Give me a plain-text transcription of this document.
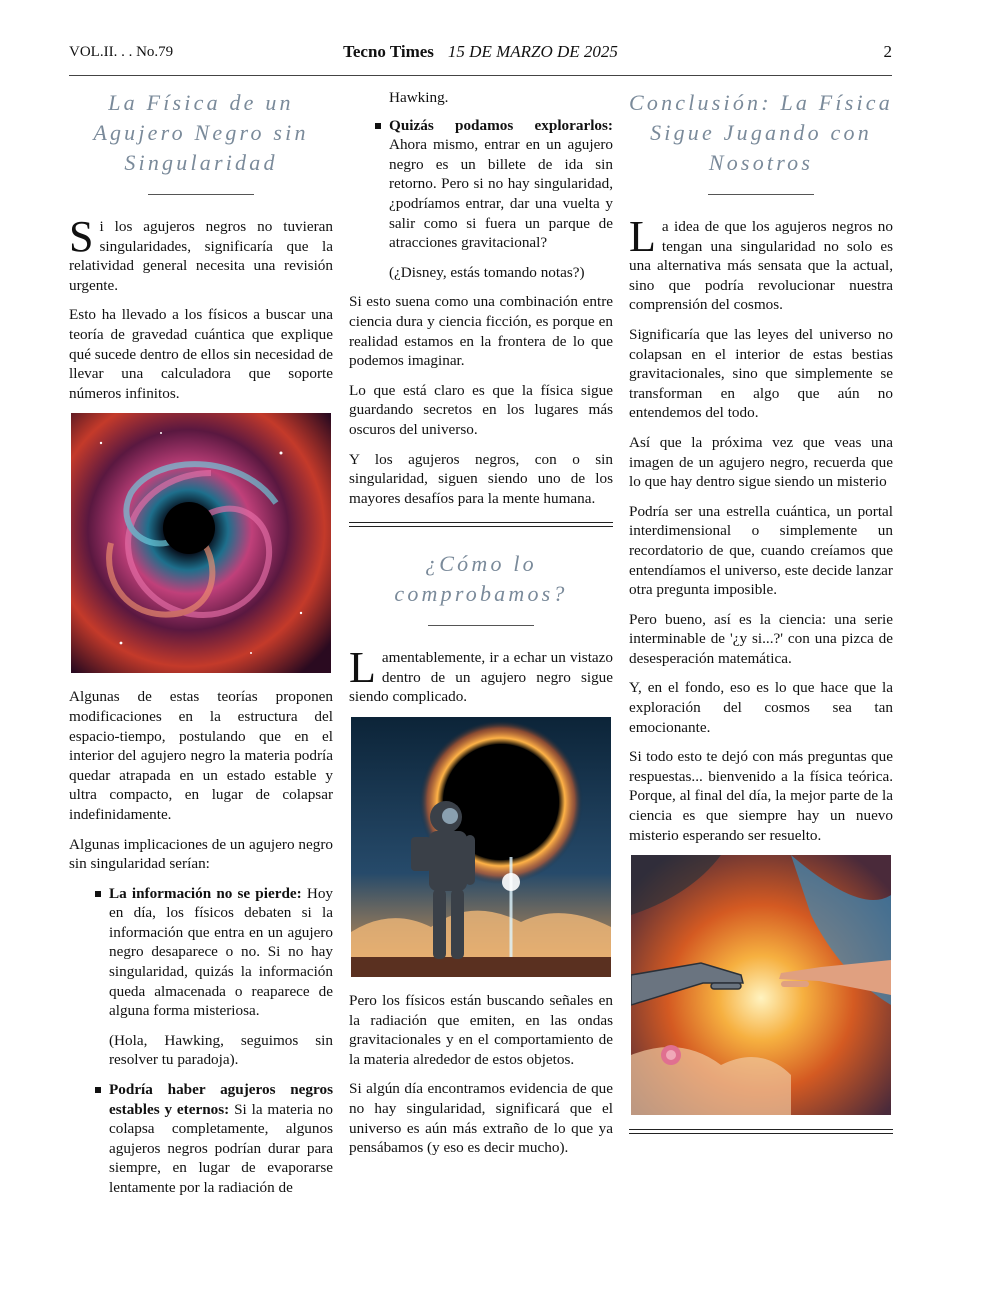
VOL.II. . . No.79	Tecno Times 15 DE MARZO DE 2025	2
La Física de un Agujero Negro sin Singularidad

Si los agujeros negros no tuvieran singularidades, significaría que la relatividad general necesita una revisión urgente.

Esto ha llevado a los físicos a buscar una teoría de gravedad cuántica que explique qué sucede dentro de ellos sin necesidad de llevar una calculadora que soporte números infinitos.

Algunas de estas teorías proponen modificaciones en la estructura del espacio-tiempo, postulando que en el interior del agujero negro la materia podría quedar atrapada en un estado estable y ultra compacto, en lugar de colapsar indefinidamente.

Algunas implicaciones de un agujero negro sin singularidad serían:

La información no se pierde: Hoy en día, los físicos debaten si la información que entra en un agujero negro desaparece o no. Si no hay singularidad, quizás la información queda almacenada o reaparece de alguna forma misteriosa.

(Hola, Hawking, seguimos sin resolver tu paradoja).

Podría haber agujeros negros estables y eternos: Si la materia no colapsa completamente, algunos agujeros negros podrían durar para siempre, en lugar de evaporarse lentamente por la radiación de

Hawking.

Quizás podamos explorarlos: Ahora mismo, entrar en un agujero negro es un billete de ida sin retorno. Pero si no hay singularidad, ¿podríamos entrar, dar una vuelta y salir como si fuera un parque de atracciones gravitacional?

(¿Disney, estás tomando notas?)

Si esto suena como una combinación entre ciencia dura y ciencia ficción, es porque en realidad estamos en la frontera de lo que podemos imaginar.

Lo que está claro es que la física sigue guardando secretos en los lugares más oscuros del universo.

Y los agujeros negros, con o sin singularidad, siguen siendo uno de los mayores desafíos para la mente humana.

¿Cómo lo comprobamos?

Lamentablemente, ir a echar un vistazo dentro de un agujero negro sigue siendo complicado.

Pero los físicos están buscando señales en la radiación que emiten, en las ondas gravitacionales y en el comportamiento de la materia alrededor de estos objetos.

Si algún día encontramos evidencia de que no hay singularidad, significará que el universo es aún más extraño de lo que ya pensábamos (y eso es decir mucho).

Conclusión: La Física Sigue Jugando con Nosotros

La idea de que los agujeros negros no tengan una singularidad no solo es una alternativa más sensata que la actual, sino que podría revolucionar nuestra comprensión del cosmos.

Significaría que las leyes del universo no colapsan en el interior de estas bestias gravitacionales, sino que simplemente se transforman en algo que aún no entendemos del todo.

Así que la próxima vez que veas una imagen de un agujero negro, recuerda que lo que hay dentro sigue siendo un misterio

Podría ser una estrella cuántica, un portal interdimensional o simplemente un recordatorio de que, cuando creíamos que entendíamos el universo, este decide lanzar otra pregunta imposible.

Pero bueno, así es la ciencia: una serie interminable de '¿y si...?' con una pizca de desesperación matemática.

Y, en el fondo, eso es lo que hace que la exploración del cosmos sea tan emocionante.

Si todo esto te dejó con más preguntas que respuestas... bienvenido a la física teórica. Porque, al final del día, la mejor parte de la ciencia es que siempre hay un nuevo misterio esperando ser resuelto.
